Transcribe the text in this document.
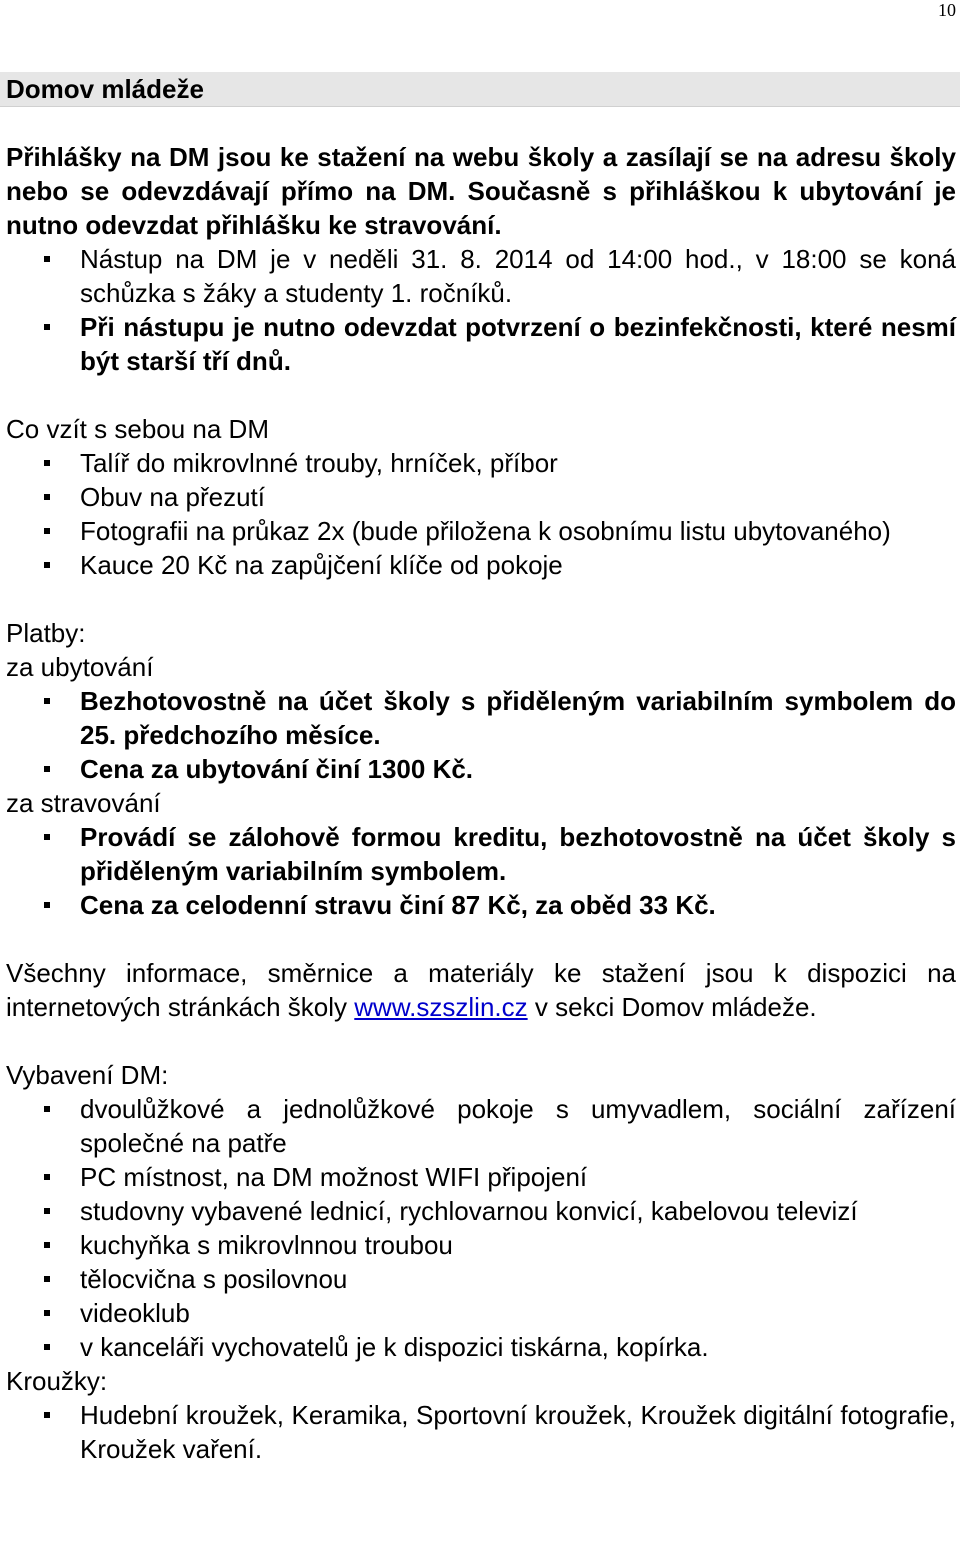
10
Domov mládeže

Přihlášky na DM jsou ke stažení na webu školy a zasílají se na adresu školy nebo se odevzdávají přímo na DM. Současně s přihláškou k ubytování je nutno odevzdat přihlášku ke stravování.

Nástup na DM je v neděli 31. 8. 2014 od 14:00 hod., v 18:00 se koná schůzka s žáky a studenty 1. ročníků.
Při nástupu je nutno odevzdat potvrzení o bezinfekčnosti, které nesmí být starší tří dnů.

Co vzít s sebou na DM

Talíř do mikrovlnné trouby, hrníček, příbor
Obuv na přezutí
Fotografii na průkaz 2x (bude přiložena k osobnímu listu ubytovaného)
Kauce 20 Kč na zapůjčení klíče od pokoje

Platby:

za ubytování

Bezhotovostně na účet školy s přiděleným variabilním symbolem do 25. předchozího měsíce.
Cena za ubytování činí 1300 Kč.

za stravování

Provádí se zálohově formou kreditu, bezhotovostně na účet školy s přiděleným variabilním symbolem.
Cena za celodenní stravu činí 87 Kč, za oběd 33 Kč.

Všechny informace, směrnice a materiály ke stažení jsou k dispozici na internetových stránkách školy www.szszlin.cz v sekci Domov mládeže.

Vybavení DM:

dvoulůžkové a jednolůžkové pokoje s umyvadlem, sociální zařízení společné na patře
PC místnost, na DM možnost WIFI připojení
studovny vybavené lednicí, rychlovarnou konvicí, kabelovou televizí
kuchyňka s mikrovlnnou troubou
tělocvična s posilovnou
videoklub
v kanceláři vychovatelů je k dispozici tiskárna, kopírka.

Kroužky:

Hudební kroužek, Keramika, Sportovní kroužek, Kroužek digitální fotografie, Kroužek vaření.
